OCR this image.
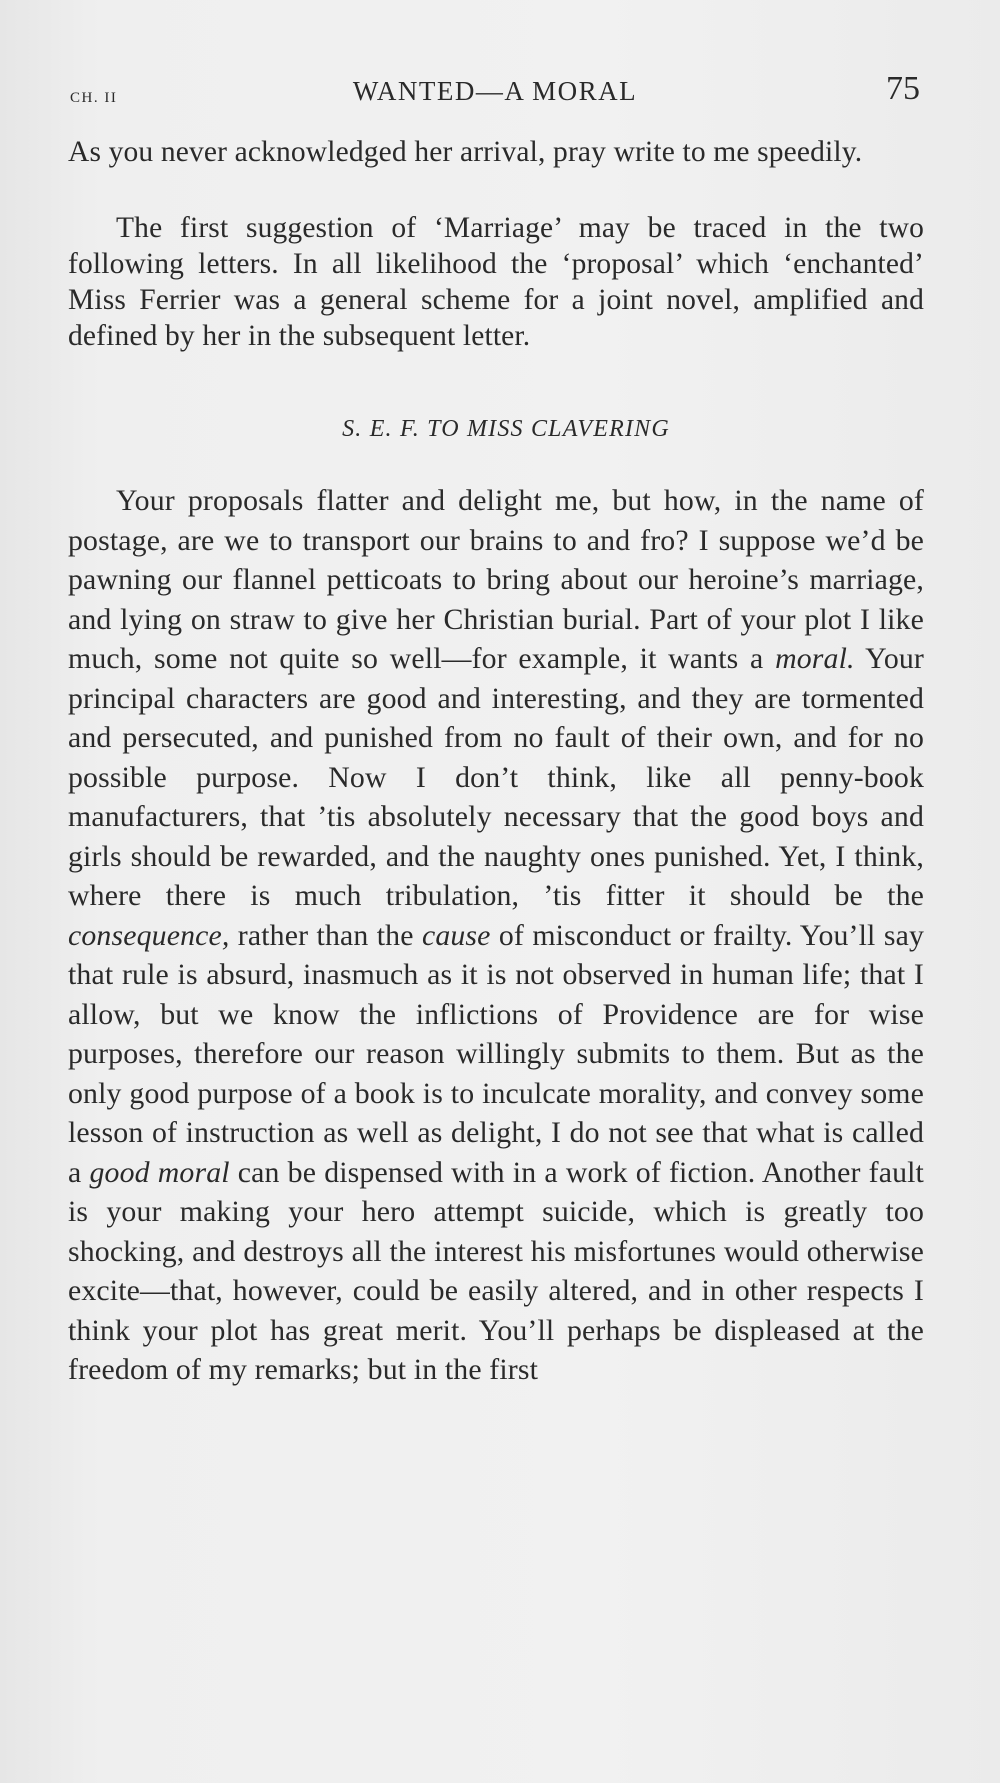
CH. II	WANTED—A MORAL	75

As you never acknowledged her arrival, pray write to me speedily.

The first suggestion of ‘Marriage’ may be traced in the two following letters. In all likelihood the ‘proposal’ which ‘enchanted’ Miss Ferrier was a general scheme for a joint novel, amplified and defined by her in the subsequent letter.

S. E. F. TO MISS CLAVERING

Your proposals flatter and delight me, but how, in the name of postage, are we to transport our brains to and fro? I suppose we’d be pawning our flannel petticoats to bring about our heroine’s marriage, and lying on straw to give her Christian burial. Part of your plot I like much, some not quite so well—for example, it wants a moral. Your principal characters are good and interesting, and they are tormented and persecuted, and punished from no fault of their own, and for no possible purpose. Now I don’t think, like all penny-book manufacturers, that ’tis absolutely necessary that the good boys and girls should be rewarded, and the naughty ones punished. Yet, I think, where there is much tribulation, ’tis fitter it should be the consequence, rather than the cause of misconduct or frailty. You’ll say that rule is absurd, inasmuch as it is not observed in human life; that I allow, but we know the inflictions of Providence are for wise purposes, therefore our reason willingly submits to them. But as the only good purpose of a book is to inculcate morality, and convey some lesson of instruction as well as delight, I do not see that what is called a good moral can be dispensed with in a work of fiction. Another fault is your making your hero attempt suicide, which is greatly too shocking, and destroys all the interest his misfortunes would otherwise excite—that, however, could be easily altered, and in other respects I think your plot has great merit. You’ll perhaps be displeased at the freedom of my remarks; but in the first
